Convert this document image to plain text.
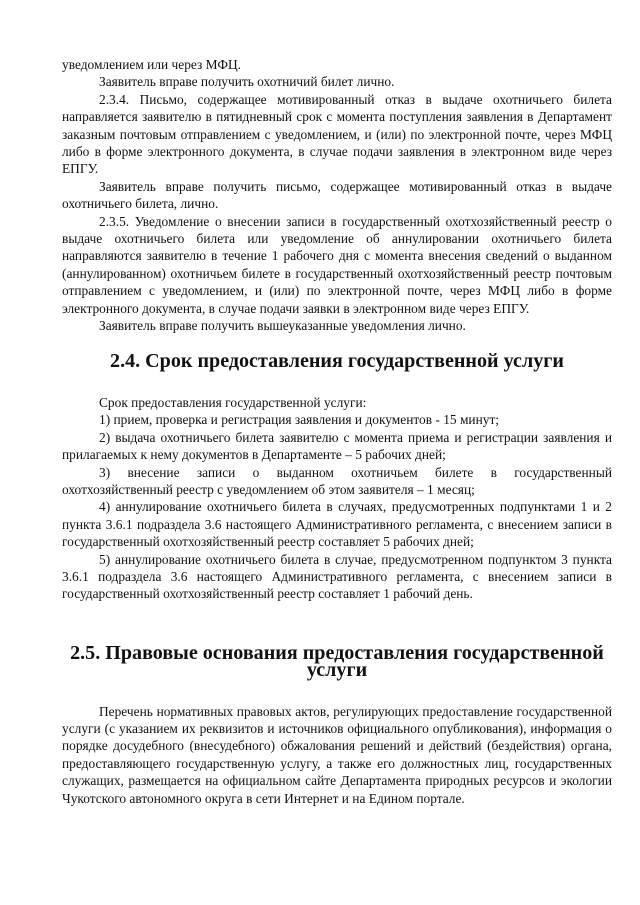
уведомлением или через МФЦ.

Заявитель вправе получить охотничий билет лично.

2.3.4. Письмо, содержащее мотивированный отказ в выдаче охотничьего билета направляется заявителю в пятидневный срок с момента поступления заявления в Департамент заказным почтовым отправлением с уведомлением, и (или) по электронной почте, через МФЦ либо в форме электронного документа, в случае подачи заявления в электронном виде через ЕПГУ.

Заявитель вправе получить письмо, содержащее мотивированный отказ в выдаче охотничьего билета, лично.

2.3.5. Уведомление о внесении записи в государственный охотхозяйственный реестр о выдаче охотничьего билета или уведомление об аннулировании охотничьего билета направляются заявителю в течение 1 рабочего дня с момента внесения сведений о выданном (аннулированном) охотничьем билете в государственный охотхозяйственный реестр почтовым отправлением с уведомлением, и (или) по электронной почте, через МФЦ либо в форме электронного документа, в случае подачи заявки в электронном виде через ЕПГУ.

Заявитель вправе получить вышеуказанные уведомления лично.

2.4. Срок предоставления государственной услуги

Срок предоставления государственной услуги:

1) прием, проверка и регистрация заявления и документов - 15 минут;

2) выдача охотничьего билета заявителю с момента приема и регистрации заявления и прилагаемых к нему документов в Департаменте – 5 рабочих дней;

3) внесение записи о выданном охотничьем билете в государственный охотхозяйственный реестр с уведомлением об этом заявителя – 1 месяц;

4) аннулирование охотничьего билета в случаях, предусмотренных подпунктами 1 и 2 пункта 3.6.1 подраздела 3.6 настоящего Административного регламента, с внесением записи в государственный охотхозяйственный реестр составляет 5 рабочих дней;

5) аннулирование охотничьего билета в случае, предусмотренном подпунктом 3 пункта 3.6.1 подраздела 3.6 настоящего Административного регламента, с внесением записи в государственный охотхозяйственный реестр составляет 1 рабочий день.

2.5. Правовые основания предоставления государственной услуги

Перечень нормативных правовых актов, регулирующих предоставление государственной услуги (с указанием их реквизитов и источников официального опубликования), информация о порядке досудебного (внесудебного) обжалования решений и действий (бездействия) органа, предоставляющего государственную услугу, а также его должностных лиц, государственных служащих, размещается на официальном сайте Департамента природных ресурсов и экологии Чукотского автономного округа в сети Интернет и на Едином портале.
